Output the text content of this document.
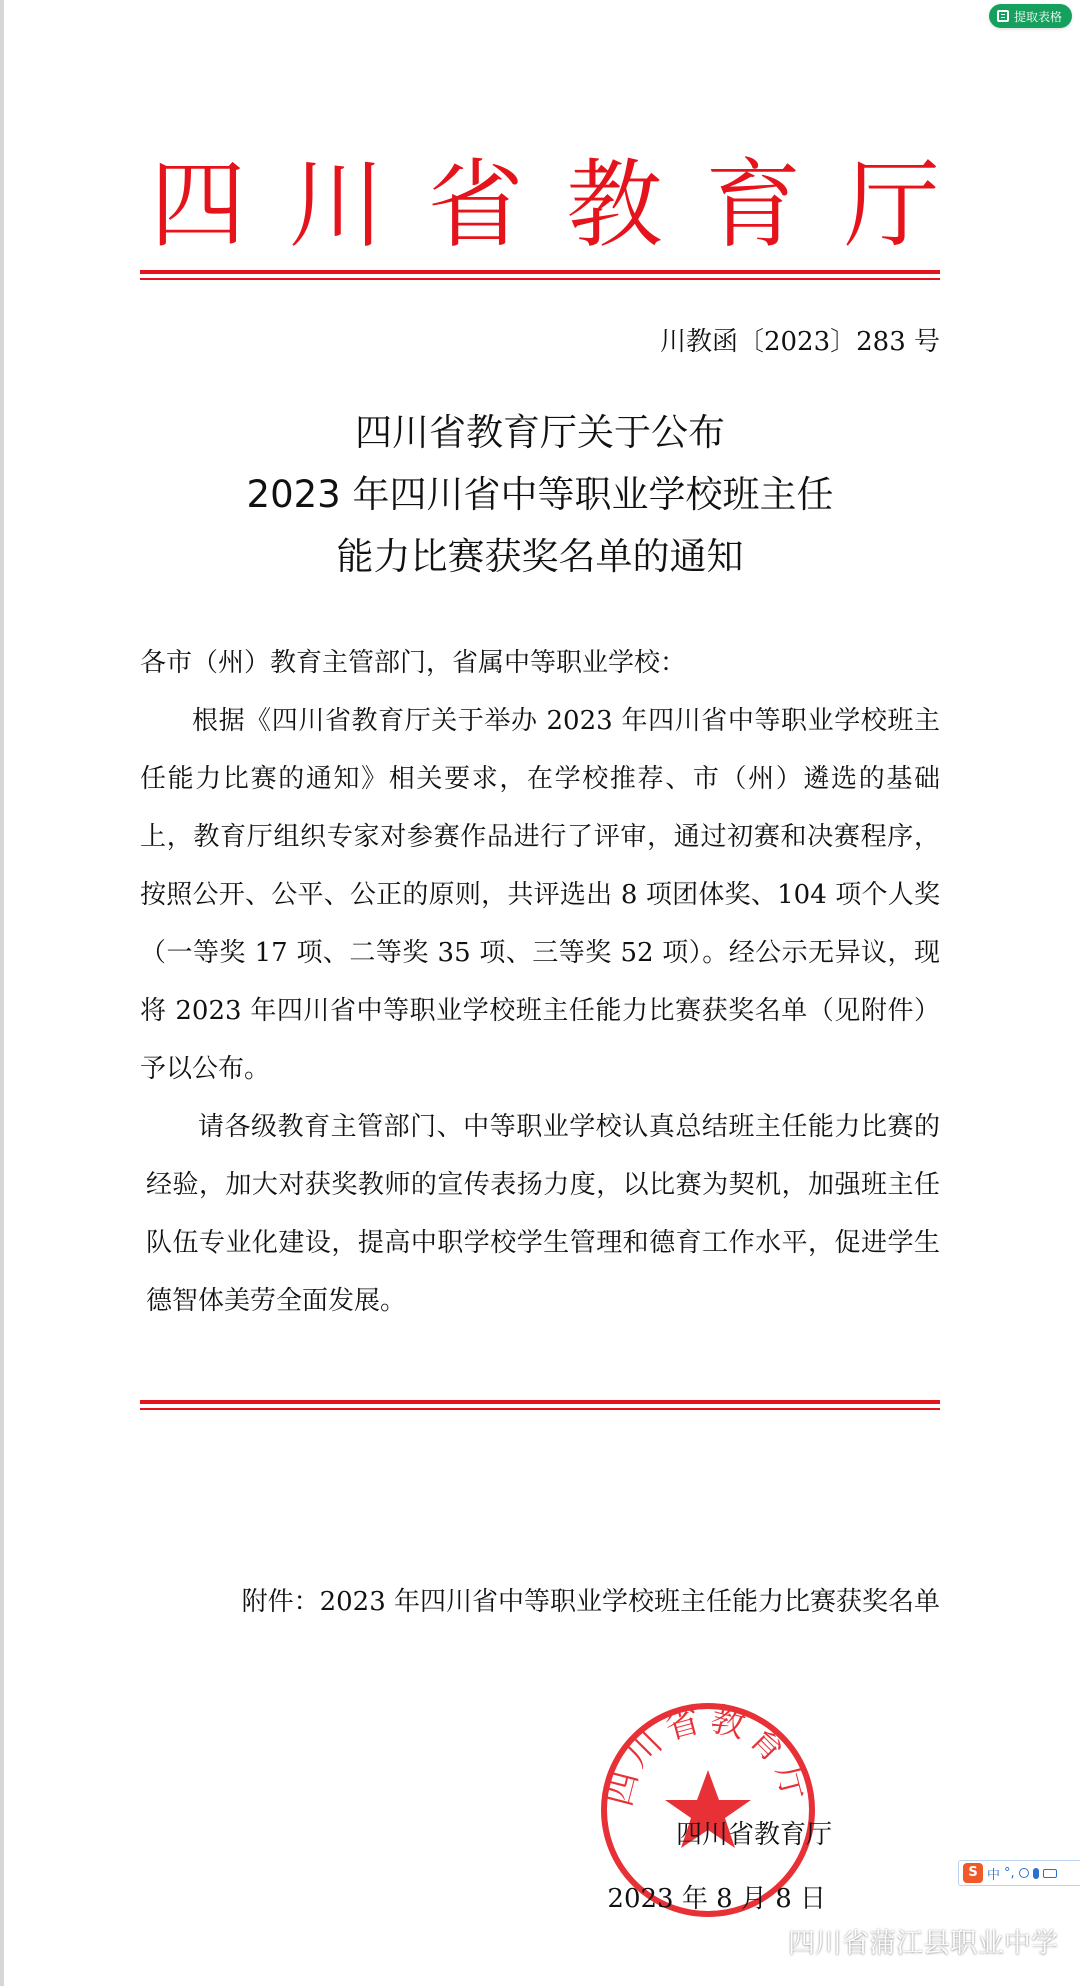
提取表格
四 川 省 教 育 厅
川教函〔2023〕283 号
四川省教育厅关于公布
2023 年四川省中等职业学校班主任
能力比赛获奖名单的通知

各市（州）教育主管部门，省属中等职业学校：

根据《四川省教育厅关于举办 2023 年四川省中等职业学校班主任能力比赛的通知》相关要求，在学校推荐、市（州）遴选的基础上，教育厅组织专家对参赛作品进行了评审，通过初赛和决赛程序，按照公开、公平、公正的原则，共评选出 8 项团体奖、104 项个人奖（一等奖 17 项、二等奖 35 项、三等奖 52 项）。经公示无异议，现将 2023 年四川省中等职业学校班主任能力比赛获奖名单（见附件）予以公布。

请各级教育主管部门、中等职业学校认真总结班主任能力比赛的经验，加大对获奖教师的宣传表扬力度，以比赛为契机，加强班主任队伍专业化建设，提高中职学校学生管理和德育工作水平，促进学生德智体美劳全面发展。

附件：2023 年四川省中等职业学校班主任能力比赛获奖名单
四川省教育厅
四川省教育厅
2023 年 8 月 8 日
S 中 °,
四川省蒲江县职业中学
